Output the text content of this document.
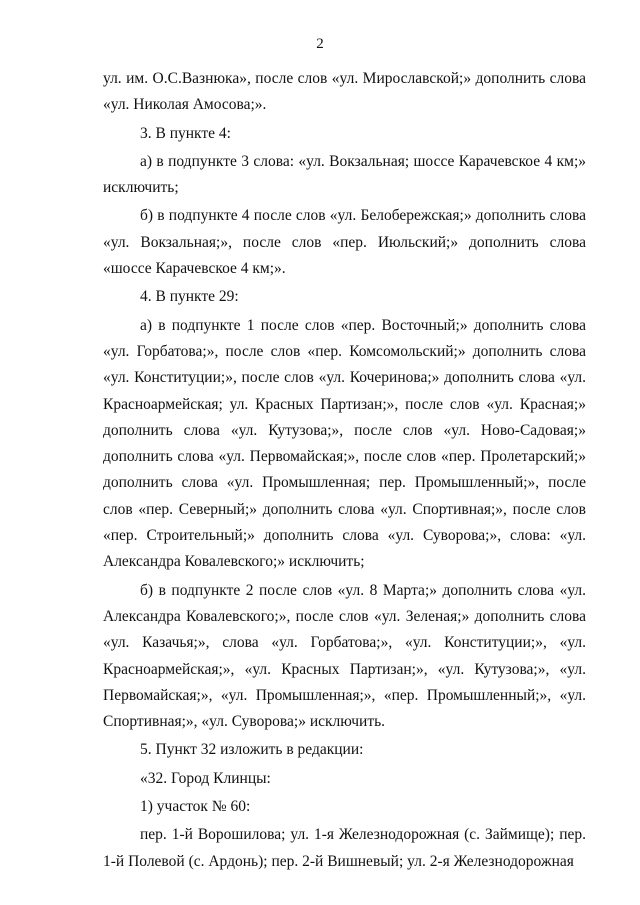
2

ул. им. О.С.Вазнюка», после слов «ул. Мирославской;» дополнить слова «ул. Николая Амосова;».

3. В пункте 4:

а) в подпункте 3 слова: «ул. Вокзальная; шоссе Карачевское 4 км;» исключить;

б) в подпункте 4 после слов «ул. Белобережская;» дополнить слова «ул. Вокзальная;», после слов «пер. Июльский;» дополнить слова «шоссе Карачевское 4 км;».

4. В пункте 29:

а) в подпункте 1 после слов «пер. Восточный;» дополнить слова «ул. Горбатова;», после слов «пер. Комсомольский;» дополнить слова «ул. Конституции;», после слов «ул. Кочеринова;» дополнить слова «ул. Красноармейская; ул. Красных Партизан;», после слов «ул. Красная;» дополнить слова «ул. Кутузова;», после слов «ул. Ново-Садовая;» дополнить слова «ул. Первомайская;», после слов «пер. Пролетарский;» дополнить слова «ул. Промышленная; пер. Промышленный;», после слов «пер. Северный;» дополнить слова «ул. Спортивная;», после слов «пер. Строительный;» дополнить слова «ул. Суворова;», слова: «ул. Александра Ковалевского;» исключить;

б) в подпункте 2 после слов «ул. 8 Марта;» дополнить слова «ул. Александра Ковалевского;», после слов «ул. Зеленая;» дополнить слова «ул. Казачья;», слова «ул. Горбатова;», «ул. Конституции;», «ул. Красноармейская;», «ул. Красных Партизан;», «ул. Кутузова;», «ул. Первомайская;», «ул. Промышленная;», «пер. Промышленный;», «ул. Спортивная;», «ул. Суворова;» исключить.

5. Пункт 32 изложить в редакции:

«32. Город Клинцы:

1) участок № 60:

пер. 1-й Ворошилова; ул. 1-я Железнодорожная (с. Займище); пер. 1-й Полевой (с. Ардонь); пер. 2-й Вишневый; ул. 2-я Железнодорожная
